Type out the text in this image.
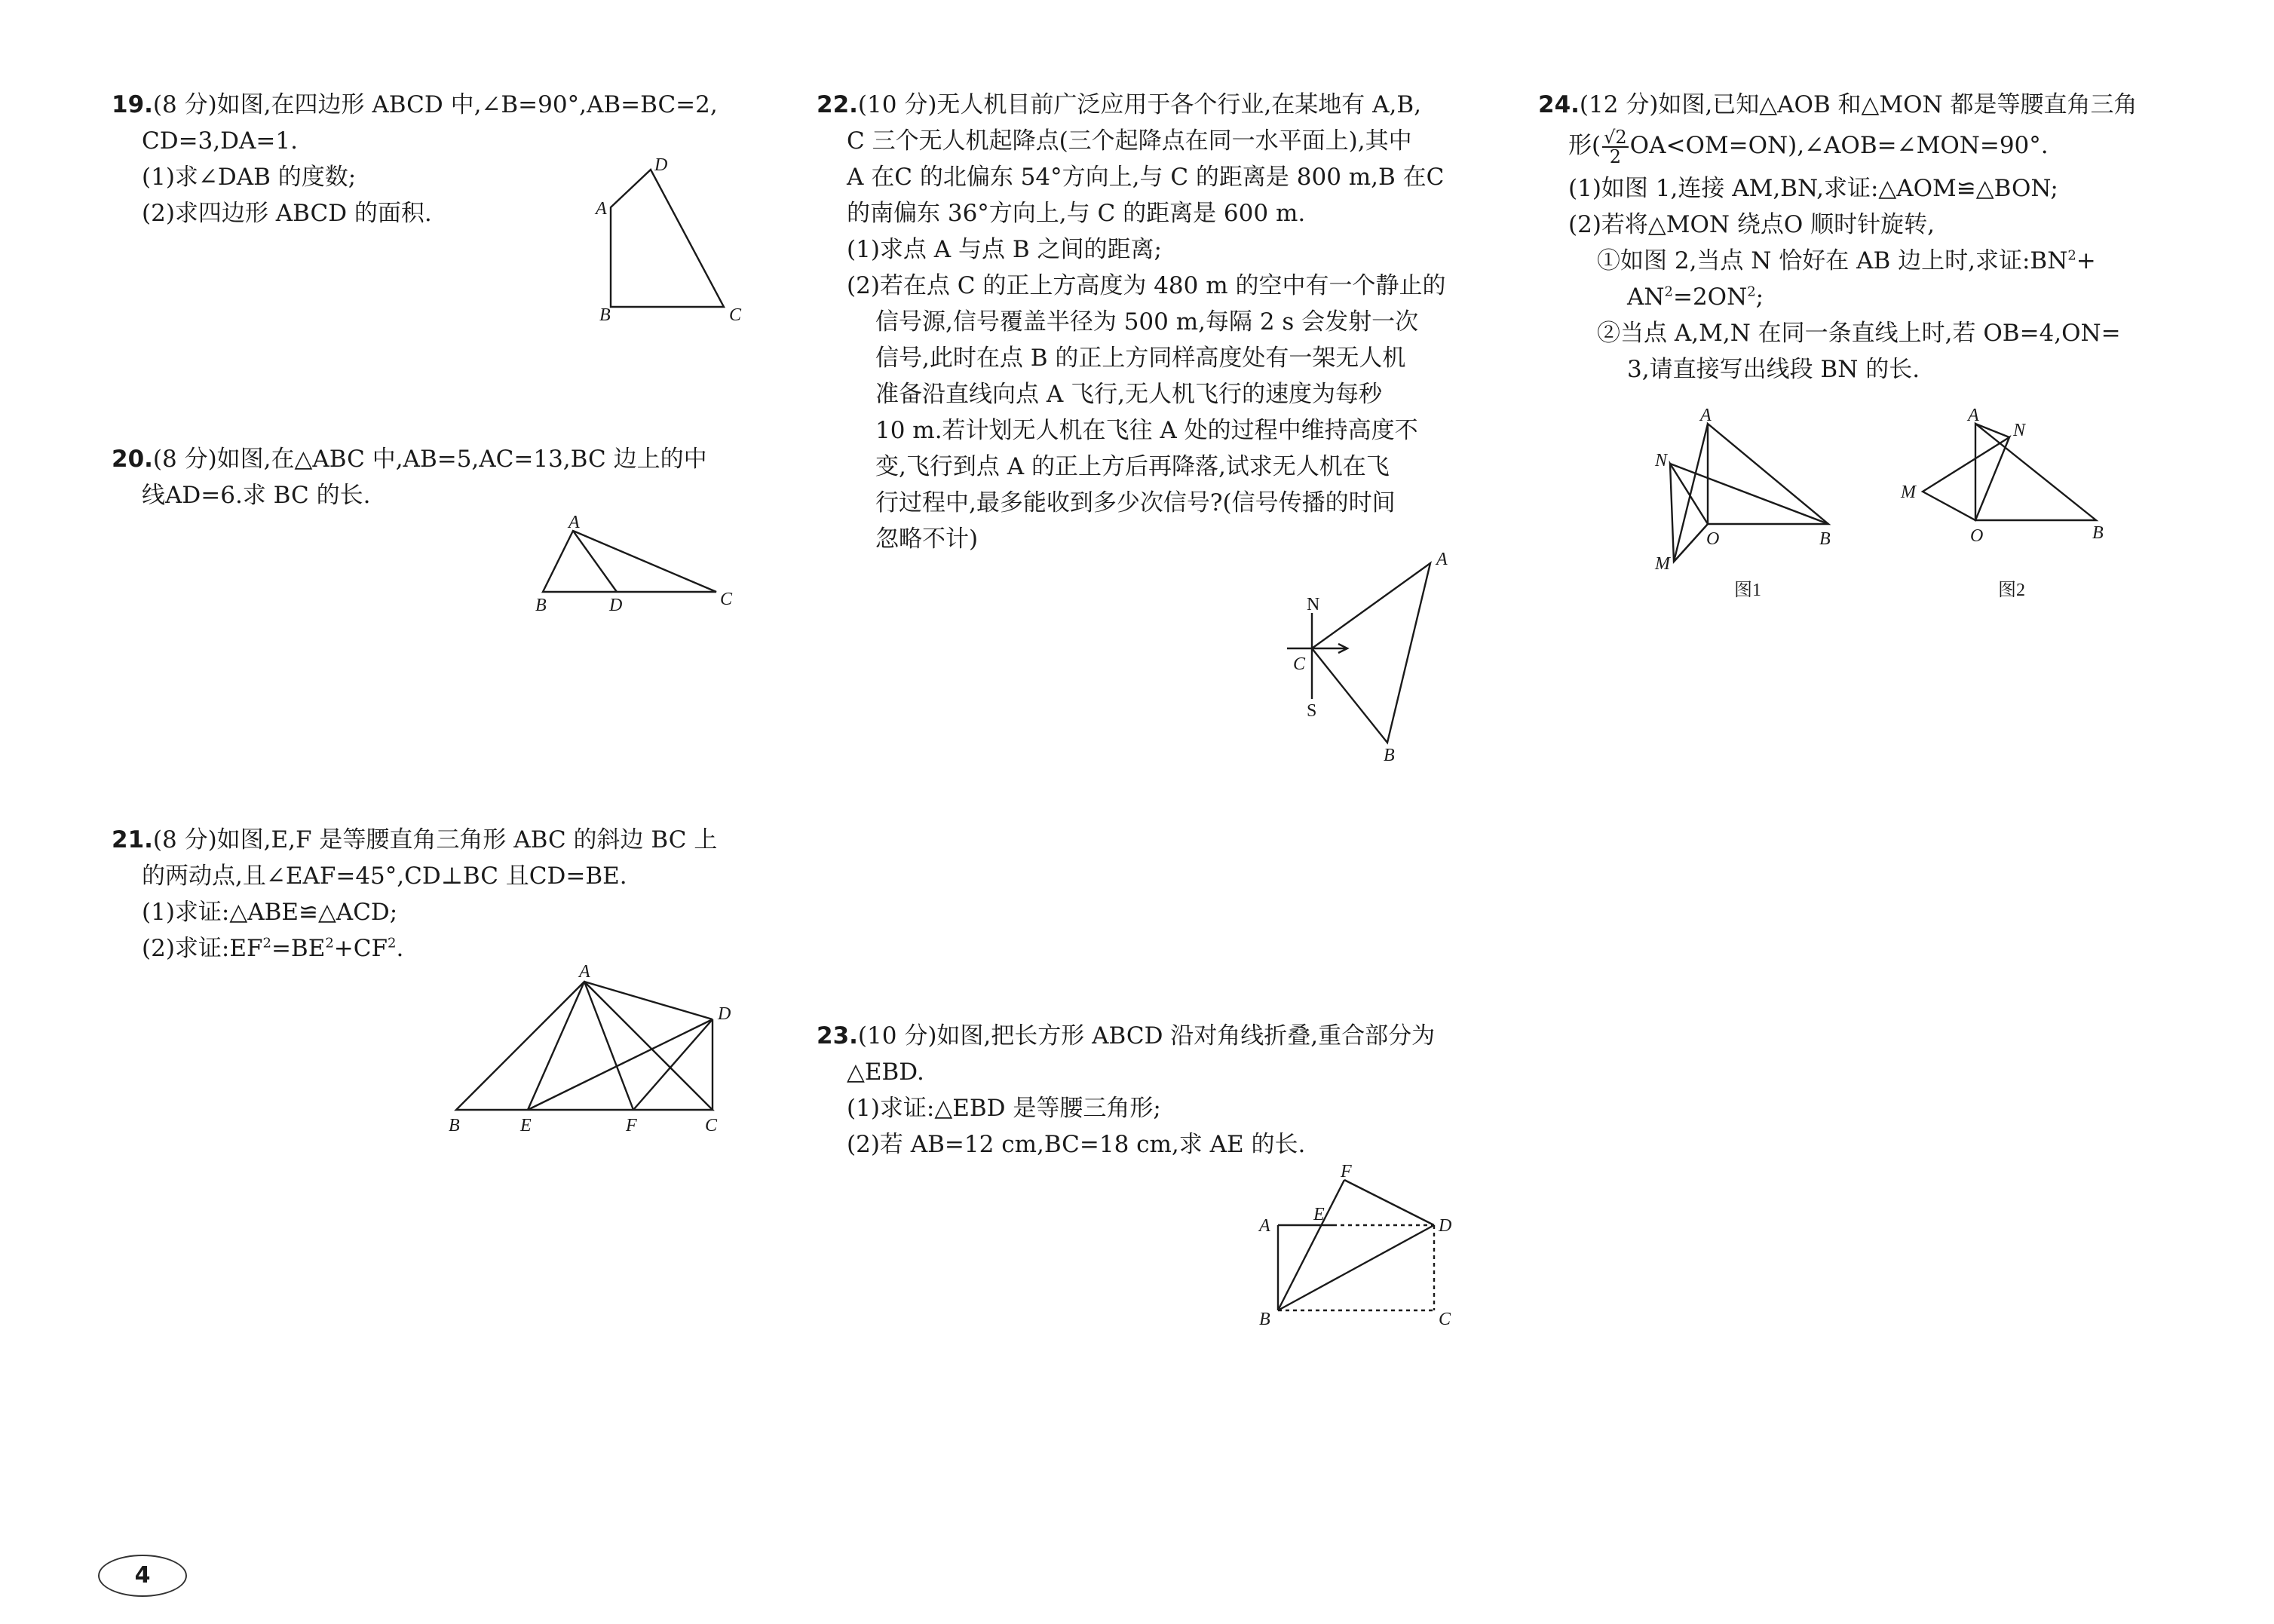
19.(8 分)如图,在四边形 ABCD 中,∠B=90°,AB=BC=2,

CD=3,DA=1.

(1)求∠DAB 的度数;

(2)求四边形 ABCD 的面积.	A
B	C
D

20.(8 分)如图,在△ABC 中,AB=5,AC=13,BC 边上的中

线AD=6.求 BC 的长.

A
B	C
D

21.(8 分)如图,E,F 是等腰直角三角形 ABC 的斜边 BC 上

的两动点,且∠EAF=45°,CD⊥BC 且CD=BE.

(1)求证:△ABE≌△ACD;

(2)求证$:EF^2=BE^2+CF^2$.

A
B	C
D
E	F

22.(10 分)无人机目前广泛应用于各个行业,在某地有 A,B,

C 三个无人机起降点(三个起降点在同一水平面上),其中

A 在C 的北偏东 54°方向上,与 C 的距离是 800 m,B 在C

的南偏东 36°方向上,与 C 的距离是 600 m.

(1)求点 A 与点 B 之间的距离;

(2)若在点 C 的正上方高度为 480 m 的空中有一个静止的

信号源,信号覆盖半径为 500 m,每隔 2 s 会发射一次

信号,此时在点 B 的正上方同样高度处有一架无人机

准备沿直线向点 A 飞行,无人机飞行的速度为每秒

10 m.若计划无人机在飞往 A 处的过程中维持高度不

变,飞行到点 A 的正上方后再降落,试求无人机在飞

行过程中,最多能收到多少次信号?(信号传播的时间

忽略不计)

N
S
A
B
C

23.(10 分)如图,把长方形 ABCD 沿对角线折叠,重合部分为

△EBD.

(1)求证:△EBD 是等腰三角形;

(2)若 AB=12 cm,BC=18 cm,求 AE 的长.

A
B	C
D
E
F

24.(12 分)如图,已知△AOB 和△MON 都是等腰直角三角

形( $\frac{√2}{2}$ OA<OM=ON),∠AOB=∠MON=90°.

(1)如图 1,连接 AM,BN,求证:△AOM≌△BON;

(2)若将△MON 绕点O 顺时针旋转,

①如图 2,当点 N 恰好在 AB 边上时,求证$:BN^2+$

$AN^2=2ON^2$;

②当点 A,M,N 在同一条直线上时,若 OB=4,ON=

3,请直接写出线段 BN 的长.

A
O	B
N
M
图1
A
N
M
O	B
图2
4
